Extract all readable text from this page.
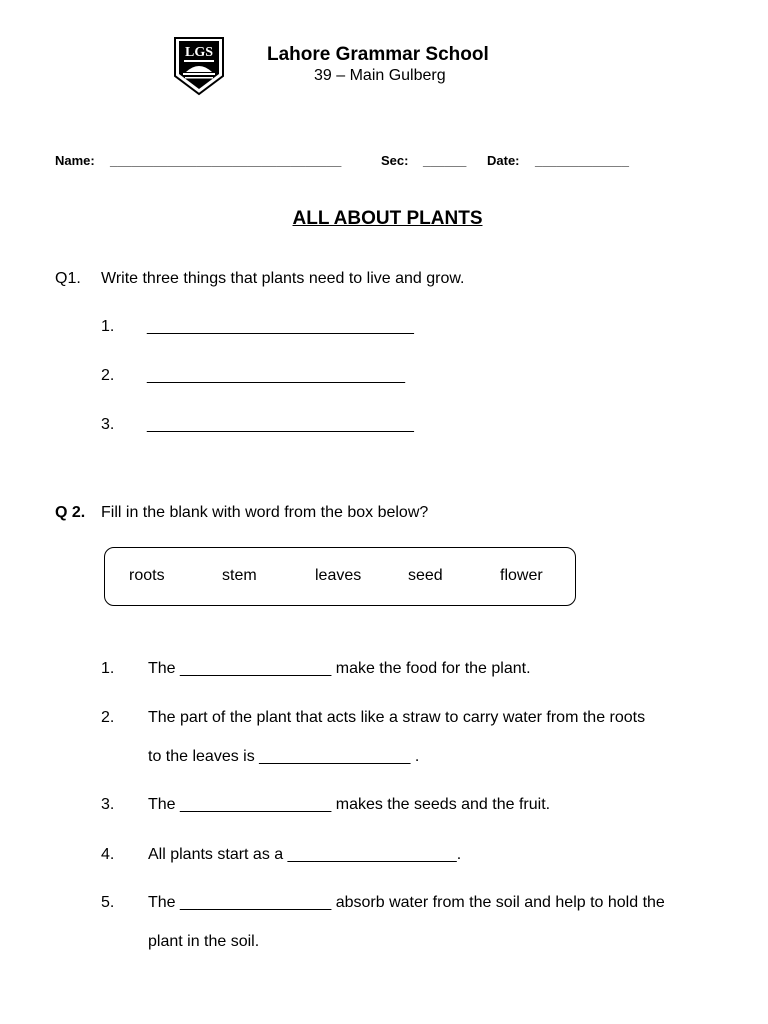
LGS	Lahore Grammar School
39 – Main Gulberg
Name: ________________________________	Sec: ______ Date: _____________
ALL ABOUT PLANTS
Q1. Write three things that plants need to live and grow.
1. ______________________________
2. _____________________________
3. ______________________________
Q 2. Fill in the blank with word from the box below?
roots	stem	leaves	seed	flower
1. The _________________ make the food for the plant.
2. The part of the plant that acts like a straw to carry water from the roots
to the leaves is _________________ .
3. The _________________ makes the seeds and the fruit.
4. All plants start as a ___________________.
5. The _________________ absorb water from the soil and help to hold the
plant in the soil.
